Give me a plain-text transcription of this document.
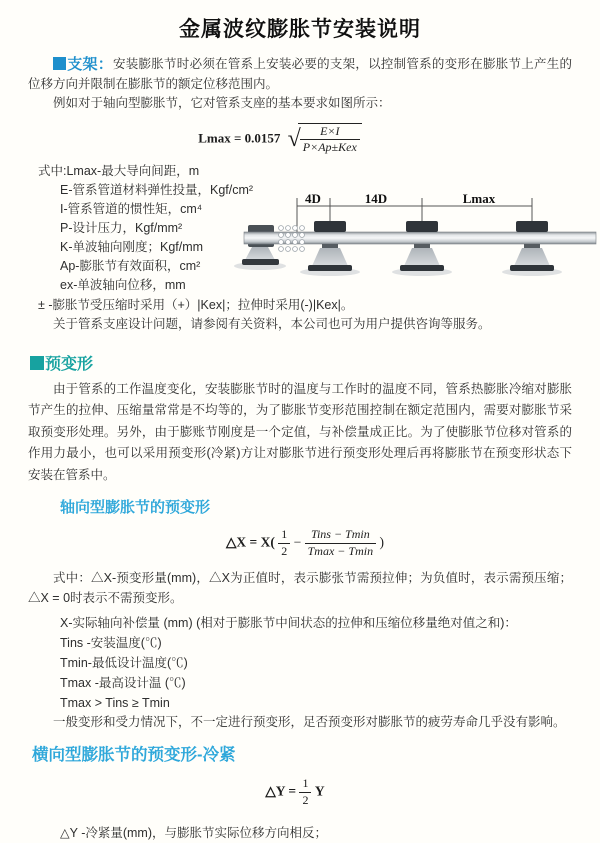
金属波纹膨胀节安装说明
支架：安装膨胀节时必须在管系上安装必要的支架，以控制管系的变形在膨胀节上产生的位移方向并限制在膨胀节的额定位移范围内。
例如对于轴向型膨胀节，它对管系支座的基本要求如图所示：
Lmax = 0.0157 √ $\frac{E\times I}{\text{P×Ap±Kex}}$
式中:Lmax-最大导向间距，m
E-管系管道材料弹性投量，Kgf/cm²
I-管系管道的惯性矩，cm⁴
P-设计压力，Kgf/mm²
K-单波轴向刚度；Kgf/mm
Ap-膨胀节有效面积，cm²
ex-单波轴向位移，mm
± -膨胀节受压缩时采用（+）|Kex|；拉伸时采用(-)|Kex|。
关于管系支座设计问题，请参阅有关资料，本公司也可为用户提供咨询等服务。
4D	14D	Lmax
预变形
由于管系的工作温度变化，安装膨胀节时的温度与工作时的温度不同，管系热膨胀冷缩对膨胀节产生的拉伸、压缩量常常是不均等的，为了膨胀节变形范围控制在额定范围内，需要对膨胀节采取预变形处理。另外，由于膨账节刚度是一个定值，与补偿量成正比。为了使膨胀节位移对管系的作用力最小，也可以采用预变形(冷紧)方让对膨胀节进行预变形处理后再将膨胀节在预变形状态下安装在管系中。
轴向型膨胀节的预变形
△X = $X( \frac{1}{2} - \frac{\text{Tins − Tmin}}{Tmax - Tmin}$ )
式中：△X-预变形量(mm)，△X为正值时，表示膨张节需预拉伸；为负值时，表示需预压缩；△X = 0时表示不需预变形。
X-实际轴向补偿量 (mm) (相对于膨胀节中间状态的拉伸和压缩位移量绝对值之和)：
Tins -安装温度(℃)
Tmin-最低设计温度(℃)
Tmax -最高设计温 (℃)
Tmax > Tins ≥ Tmin
一般变形和受力情况下，不一定进行预变形，足否预变形对膨胀节的疲劳寿命几乎没有影响。
横向型膨胀节的预变形-冷紧
△Y = $\frac{1}{2}$ Y
△Y -冷紧量(mm)，与膨胀节实际位移方向相反；
